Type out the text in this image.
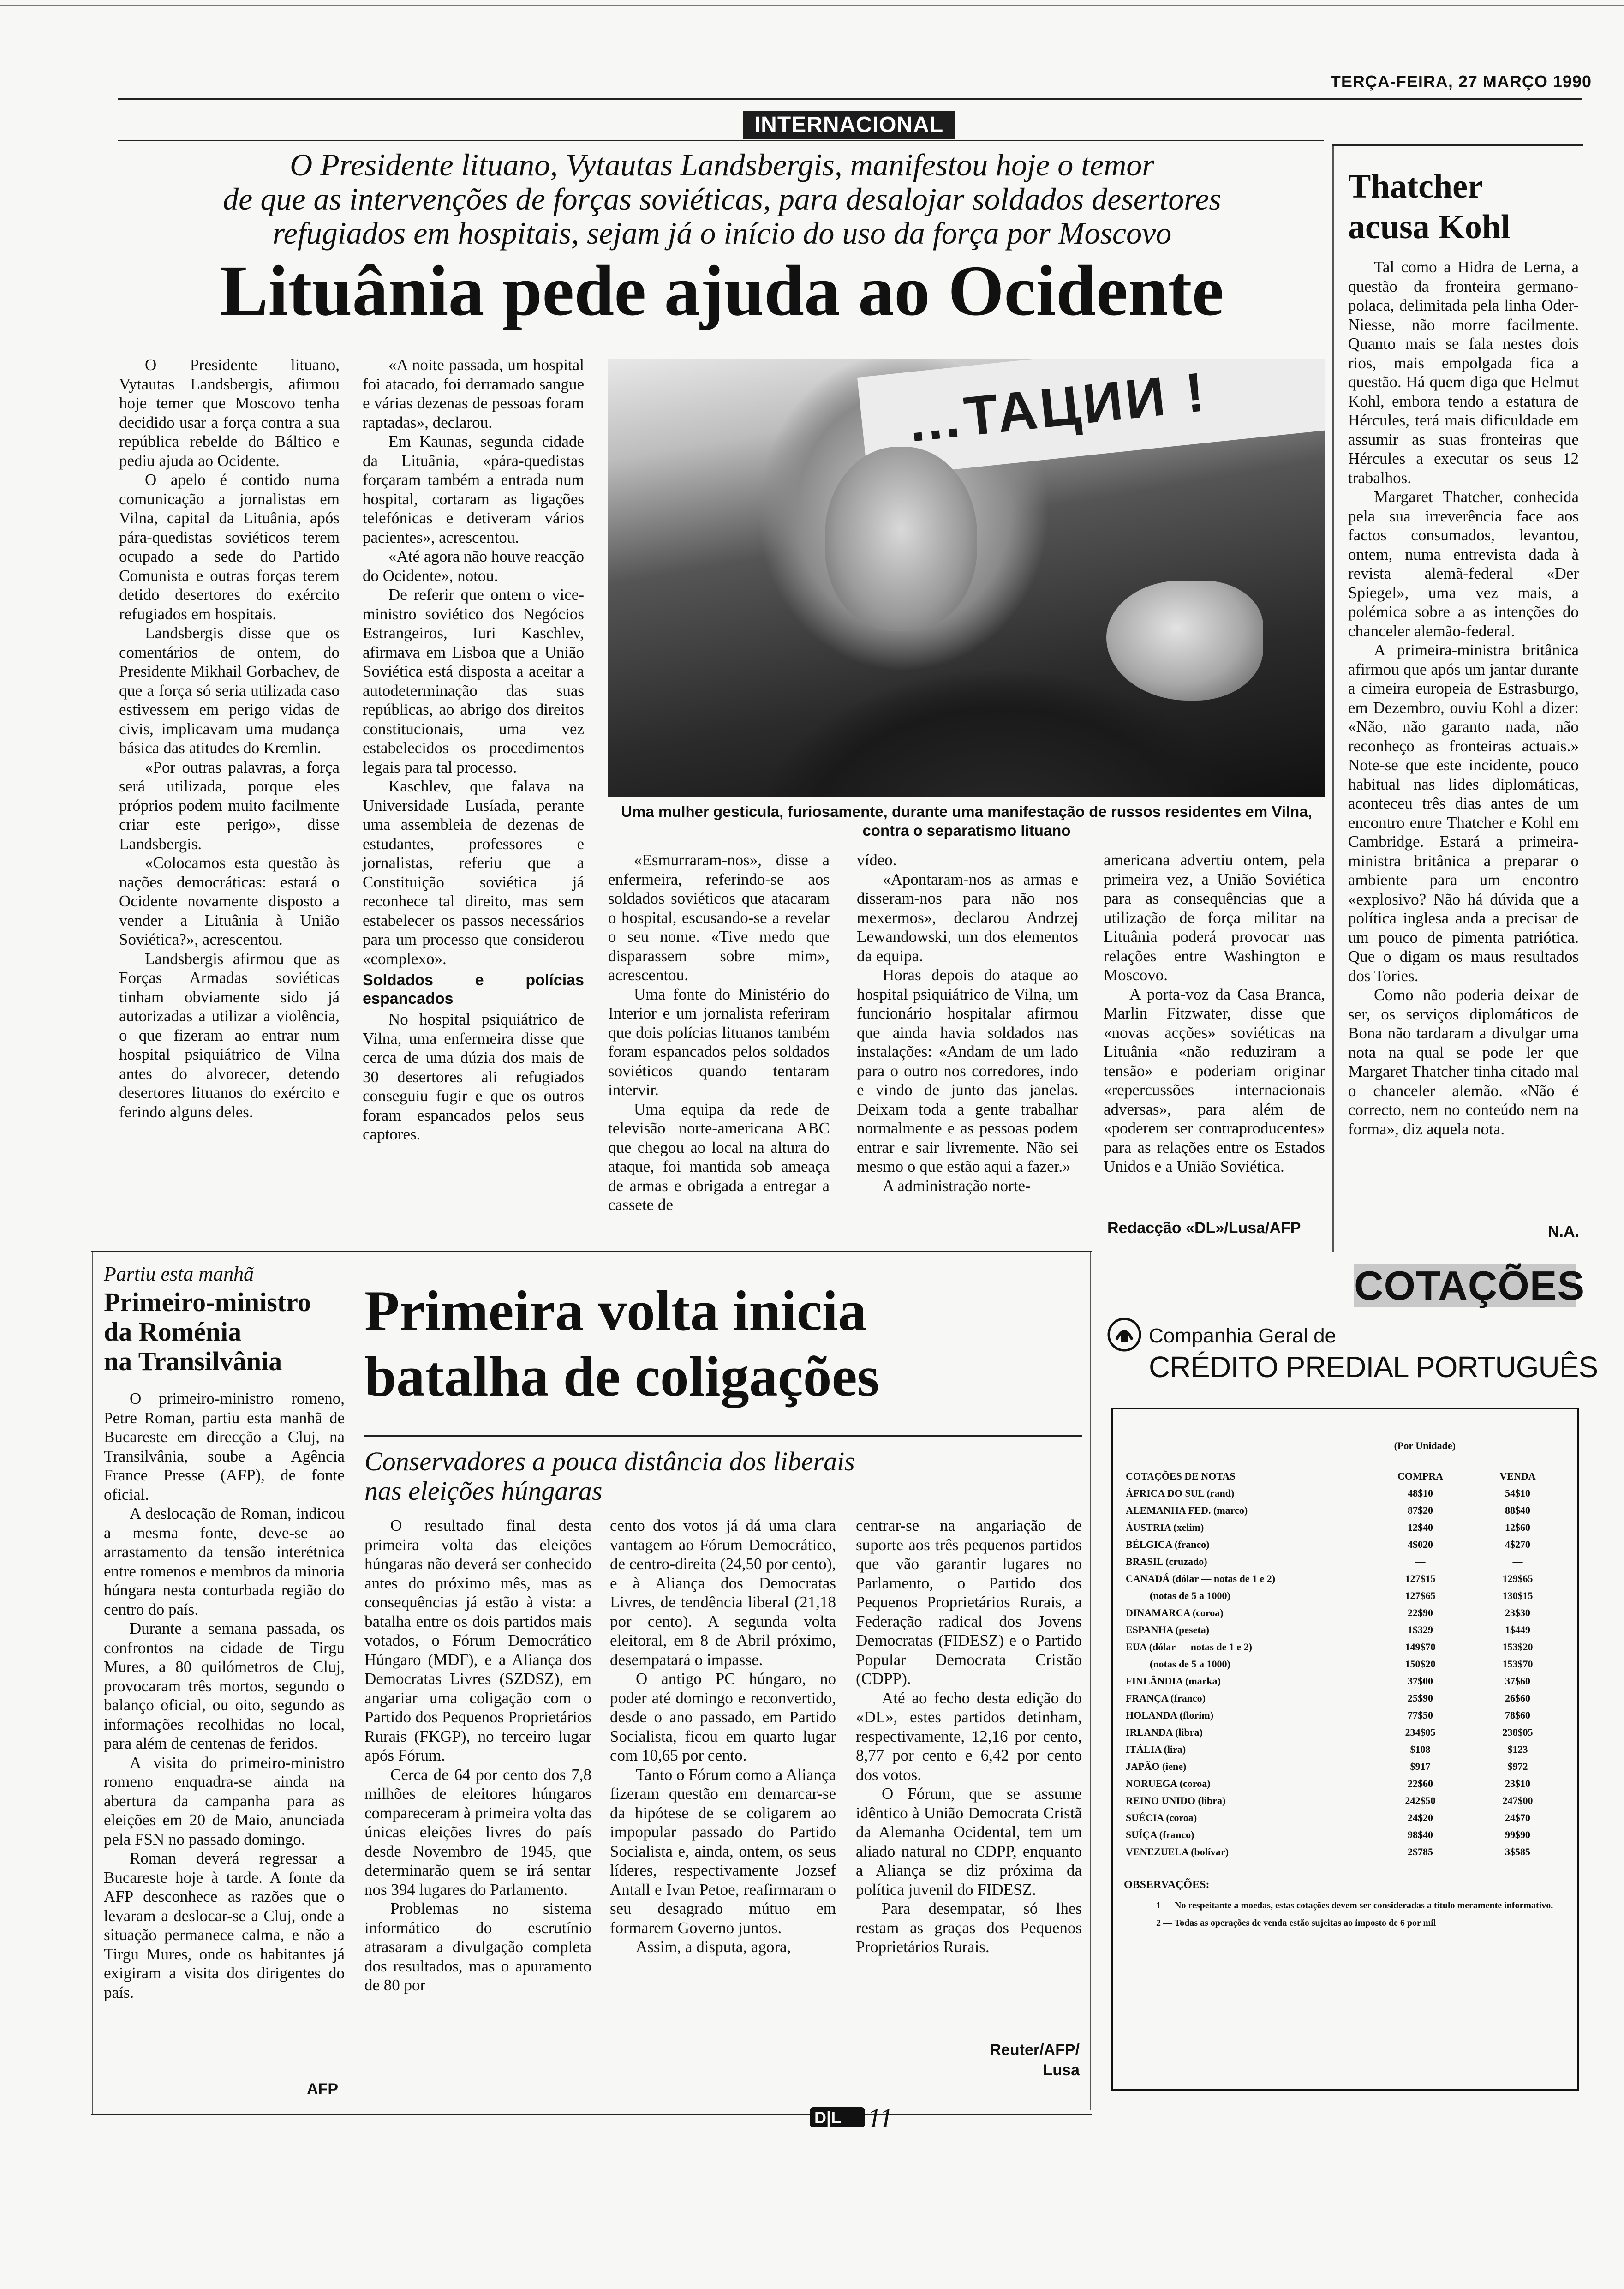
TERÇA-FEIRA, 27 MARÇO 1990
INTERNACIONAL
O Presidente lituano, Vytautas Landsbergis, manifestou hoje o temor
de que as intervenções de forças soviéticas, para desalojar soldados desertores
refugiados em hospitais, sejam já o início do uso da força por Moscovo
Lituânia pede ajuda ao Ocidente

O Presidente lituano, Vytautas Landsbergis, afirmou hoje temer que Moscovo tenha decidido usar a força contra a sua república rebelde do Báltico e pediu ajuda ao Ocidente.

O apelo é contido numa comunicação a jornalistas em Vilna, capital da Lituânia, após pára-quedistas soviéticos terem ocupado a sede do Partido Comunista e outras forças terem detido desertores do exército refugiados em hospitais.

Landsbergis disse que os comentários de ontem, do Presidente Mikhail Gorbachev, de que a força só seria utilizada caso estivessem em perigo vidas de civis, implicavam uma mudança básica das atitudes do Kremlin.

«Por outras palavras, a força será utilizada, porque eles próprios podem muito facilmente criar este perigo», disse Landsbergis.

«Colocamos esta questão às nações democráticas: estará o Ocidente novamente disposto a vender a Lituânia à União Soviética?», acrescentou.

Landsbergis afirmou que as Forças Armadas soviéticas tinham obviamente sido já autorizadas a utilizar a violência, o que fizeram ao entrar num hospital psiquiátrico de Vilna antes do alvorecer, detendo desertores lituanos do exército e ferindo alguns deles.

«A noite passada, um hospital foi atacado, foi derramado sangue e várias dezenas de pessoas foram raptadas», declarou.

Em Kaunas, segunda cidade da Lituânia, «pára-quedistas forçaram também a entrada num hospital, cortaram as ligações telefónicas e detiveram vários pacientes», acrescentou.

«Até agora não houve reacção do Ocidente», notou.

De referir que ontem o vice-ministro soviético dos Negócios Estrangeiros, Iuri Kaschlev, afirmava em Lisboa que a União Soviética está disposta a aceitar a autodeterminação das suas repúblicas, ao abrigo dos direitos constitucionais, uma vez estabelecidos os procedimentos legais para tal processo.

Kaschlev, que falava na Universidade Lusíada, perante uma assembleia de dezenas de estudantes, professores e jornalistas, referiu que a Constituição soviética já reconhece tal direito, mas sem estabelecer os passos necessários para um processo que considerou «complexo».

Soldados e polícias espancados

No hospital psiquiátrico de Vilna, uma enfermeira disse que cerca de uma dúzia dos mais de 30 desertores ali refugiados conseguiu fugir e que os outros foram espancados pelos seus captores.

…ТАЦИИ !
Uma mulher gesticula, furiosamente, durante uma manifestação de russos residentes em Vilna, contra o separatismo lituano

«Esmurraram-nos», disse a enfermeira, referindo-se aos soldados soviéticos que atacaram o hospital, escusando-se a revelar o seu nome. «Tive medo que disparassem sobre mim», acrescentou.

Uma fonte do Ministério do Interior e um jornalista referiram que dois polícias lituanos também foram espancados pelos soldados soviéticos quando tentaram intervir.

Uma equipa da rede de televisão norte-americana ABC que chegou ao local na altura do ataque, foi mantida sob ameaça de armas e obrigada a entregar a cassete de

vídeo.

«Apontaram-nos as armas e disseram-nos para não nos mexermos», declarou Andrzej Lewandowski, um dos elementos da equipa.

Horas depois do ataque ao hospital psiquiátrico de Vilna, um funcionário hospitalar afirmou que ainda havia soldados nas instalações: «Andam de um lado para o outro nos corredores, indo e vindo de junto das janelas. Deixam toda a gente trabalhar normalmente e as pessoas podem entrar e sair livremente. Não sei mesmo o que estão aqui a fazer.»

A administração norte-

americana advertiu ontem, pela primeira vez, a União Soviética para as consequências que a utilização de força militar na Lituânia poderá provocar nas relações entre Washington e Moscovo.

A porta-voz da Casa Branca, Marlin Fitzwater, disse que «novas acções» soviéticas na Lituânia «não reduziram a tensão» e poderiam originar «repercussões internacionais adversas», para além de «poderem ser contraproducentes» para as relações entre os Estados Unidos e a União Soviética.

Redacção «DL»/Lusa/AFP
Thatcher
acusa Kohl

Tal como a Hidra de Lerna, a questão da fronteira germano-polaca, delimitada pela linha Oder-Niesse, não morre facilmente. Quanto mais se fala nestes dois rios, mais empolgada fica a questão. Há quem diga que Helmut Kohl, embora tendo a estatura de Hércules, terá mais dificuldade em assumir as suas fronteiras que Hércules a executar os seus 12 trabalhos.

Margaret Thatcher, conhecida pela sua irreverência face aos factos consumados, levantou, ontem, numa entrevista dada à revista alemã-federal «Der Spiegel», uma vez mais, a polémica sobre a as intenções do chanceler alemão-federal.

A primeira-ministra britânica afirmou que após um jantar durante a cimeira europeia de Estrasburgo, em Dezembro, ouviu Kohl a dizer: «Não, não garanto nada, não reconheço as fronteiras actuais.» Note-se que este incidente, pouco habitual nas lides diplomáticas, aconteceu três dias antes de um encontro entre Thatcher e Kohl em Cambridge. Estará a primeira-ministra britânica a preparar o ambiente para um encontro «explosivo? Não há dúvida que a política inglesa anda a precisar de um pouco de pimenta patriótica. Que o digam os maus resultados dos Tories.

Como não poderia deixar de ser, os serviços diplomáticos de Bona não tardaram a divulgar uma nota na qual se pode ler que Margaret Thatcher tinha citado mal o chanceler alemão. «Não é correcto, nem no conteúdo nem na forma», diz aquela nota.

N.A.
Partiu esta manhã
Primeiro-ministro
da Roménia
na Transilvânia

O primeiro-ministro romeno, Petre Roman, partiu esta manhã de Bucareste em direcção a Cluj, na Transilvânia, soube a Agência France Presse (AFP), de fonte oficial.

A deslocação de Roman, indicou a mesma fonte, deve-se ao arrastamento da tensão interétnica entre romenos e membros da minoria húngara nesta conturbada região do centro do país.

Durante a semana passada, os confrontos na cidade de Tirgu Mures, a 80 quilómetros de Cluj, provocaram três mortos, segundo o balanço oficial, ou oito, segundo as informações recolhidas no local, para além de centenas de feridos.

A visita do primeiro-ministro romeno enquadra-se ainda na abertura da campanha para as eleições em 20 de Maio, anunciada pela FSN no passado domingo.

Roman deverá regressar a Bucareste hoje à tarde. A fonte da AFP desconhece as razões que o levaram a deslocar-se a Cluj, onde a situação permanece calma, e não a Tirgu Mures, onde os habitantes já exigiram a visita dos dirigentes do país.

AFP
Primeira volta inicia
batalha de coligações
Conservadores a pouca distância dos liberais
nas eleições húngaras

O resultado final desta primeira volta das eleições húngaras não deverá ser conhecido antes do próximo mês, mas as consequências já estão à vista: a batalha entre os dois partidos mais votados, o Fórum Democrático Húngaro (MDF), e a Aliança dos Democratas Livres (SZDSZ), em angariar uma coligação com o Partido dos Pequenos Proprietários Rurais (FKGP), no terceiro lugar após Fórum.

Cerca de 64 por cento dos 7,8 milhões de eleitores húngaros compareceram à primeira volta das únicas eleições livres do país desde Novembro de 1945, que determinarão quem se irá sentar nos 394 lugares do Parlamento.

Problemas no sistema informático do escrutínio atrasaram a divulgação completa dos resultados, mas o apuramento de 80 por

cento dos votos já dá uma clara vantagem ao Fórum Democrático, de centro-direita (24,50 por cento), e à Aliança dos Democratas Livres, de tendência liberal (21,18 por cento). A segunda volta eleitoral, em 8 de Abril próximo, desempatará o impasse.

O antigo PC húngaro, no poder até domingo e reconvertido, desde o ano passado, em Partido Socialista, ficou em quarto lugar com 10,65 por cento.

Tanto o Fórum como a Aliança fizeram questão em demarcar-se da hipótese de se coligarem ao impopular passado do Partido Socialista e, ainda, ontem, os seus líderes, respectivamente Jozsef Antall e Ivan Petoe, reafirmaram o seu desagrado mútuo em formarem Governo juntos.

Assim, a disputa, agora,

centrar-se na angariação de suporte aos três pequenos partidos que vão garantir lugares no Parlamento, o Partido dos Pequenos Proprietários Rurais, a Federação radical dos Jovens Democratas (FIDESZ) e o Partido Popular Democrata Cristão (CDPP).

Até ao fecho desta edição do «DL», estes partidos detinham, respectivamente, 12,16 por cento, 8,77 por cento e 6,42 por cento dos votos.

O Fórum, que se assume idêntico à União Democrata Cristã da Alemanha Ocidental, tem um aliado natural no CDPP, enquanto a Aliança se diz próxima da política juvenil do FIDESZ.

Para desempatar, só lhes restam as graças dos Pequenos Proprietários Rurais.

Reuter/AFP/
Lusa
COTAÇÕES
Companhia Geral de
CRÉDITO PREDIAL PORTUGUÊS
(Por Unidade)
COTAÇÕES DE NOTAS	COMPRA	VENDA
ÁFRICA DO SUL (rand)	48$10	54$10
ALEMANHA FED. (marco)	87$20	88$40
ÁUSTRIA (xelim)	12$40	12$60
BÉLGICA (franco)	4$020	4$270
BRASIL (cruzado)	—	—
CANADÁ (dólar — notas de 1 e 2)	127$15	129$65
(notas de 5 a 1000)	127$65	130$15
DINAMARCA (coroa)	22$90	23$30
ESPANHA (peseta)	1$329	1$449
EUA (dólar — notas de 1 e 2)	149$70	153$20
(notas de 5 a 1000)	150$20	153$70
FINLÂNDIA (marka)	37$00	37$60
FRANÇA (franco)	25$90	26$60
HOLANDA (florim)	77$50	78$60
IRLANDA (libra)	234$05	238$05
ITÁLIA (lira)	$108	$123
JAPÃO (iene)	$917	$972
NORUEGA (coroa)	22$60	23$10
REINO UNIDO (libra)	242$50	247$00
SUÉCIA (coroa)	24$20	24$70
SUÍÇA (franco)	98$40	99$90
VENEZUELA (bolívar)	2$785	3$585
OBSERVAÇÕES:
1 — No respeitante a moedas, estas cotações devem ser consideradas a título meramente informativo.
2 — Todas as operações de venda estão sujeitas ao imposto de 6 por mil
D|L 11
